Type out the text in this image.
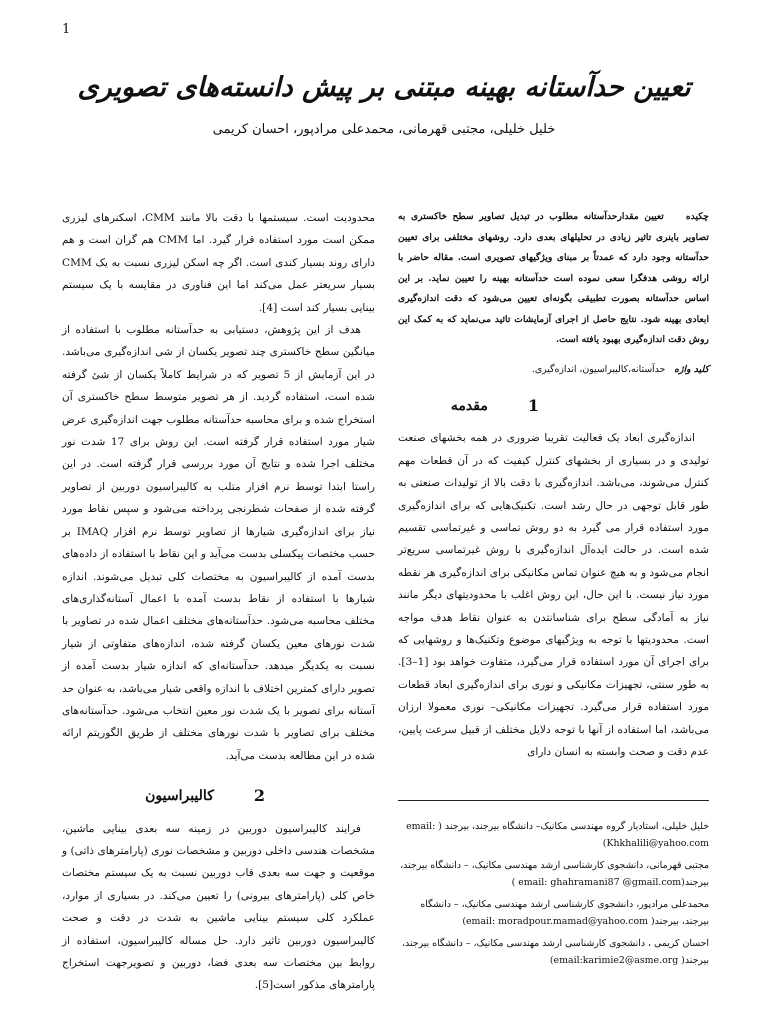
1
تعیین حدآستانه بهینه مبتنی بر پیش دانسته‌های تصویری
خلیل خلیلی، مجتبی قهرمانی، محمدعلی مرادپور، احسان کریمی
چکیده    تعیین مقدارحدآستانه مطلوب در تبدیل تصاویر سطح خاکستری به تصاویر باینری تاثیر زیادی در تحلیلهای بعدی دارد. روشهای مختلفی برای تعیین حدآستانه وجود دارد که عمدتاً بر مبنای ویژگیهای تصویری است. مقاله حاضر با ارائه روشی هدفگرا سعی نموده است حدآستانه بهینه را تعیین نماید. بر این اساس حدآستانه بصورت تطبیقی بگونه‌ای تعیین می‌شود که دقت اندازه‌گیری ابعادی بهینه شود. نتایج حاصل از اجرای آزمایشات تائید می‌نماید که به کمک این روش دقت اندازه‌گیری بهبود یافته است.
کلید واژه   حدآستانه،کالیبراسیون، اندازه‌گیری.
1
مقدمه

اندازه‌گیری ابعاد یک فعالیت تقریبا ضروری در همه بخشهای صنعت تولیدی و در بسیاری از بخشهای کنترل کیفیت که در آن قطعات مهم کنترل می‌شوند، می‌باشد. اندازه‌گیری با دقت بالا از تولیدات صنعتی به طور قابل توجهی در حال رشد است. تکنیک‌هایی که برای اندازه‌گیری مورد استفاده قرار می گیرد به دو روش تماسی و غیرتماسی تقسیم شده است. در حالت ایده‌آل اندازه‌گیری با روش غیرتماسی سریع‌تر انجام می‌شود و به هیچ عنوان تماس مکانیکی برای اندازه‌گیری هر نقطه مورد نیاز نیست. با این حال، این روش اغلب با محدودیتهای دیگر مانند نیاز به آمادگی سطح برای شناسانتدن به عنوان نقاط هدف مواجه است. محدودیتها با توجه به ویژگیهای موضوع وتکنیک‌ها و روشهایی که برای اجرای آن مورد استفاده قرار می‌گیرد، متفاوت خواهد بود [1–3]. به طور سنتی، تجهیزات مکانیکی و نوری برای اندازه‌گیری ابعاد قطعات مورد استفاده قرار می‌گیرد. تجهیزات مکانیکی– نوری معمولا ارزان می‌باشد، اما استفاده از آنها با توجه دلایل مختلف از قبیل سرعت پایین، عدم دقت و صحت وابسته به انسان دارای

محدودیت است. سیستمها با دقت بالا مانند CMM، اسکنرهای لیزری ممکن است مورد استفاده قرار گیرد. اما CMM هم گران است و هم دارای روند بسیار کندی است. اگر چه اسکن لیزری نسبت به یک CMM بسیار سریعتر عمل می‌کند اما این فناوری در مقایسه با یک سیستم بینایی بسیار کند است [4].

هدف از این پژوهش، دستیابی به حدآستانه مطلوب با استفاده از میانگین سطح خاکستری چند تصویر یکسان از شی اندازه‌گیری می‌باشد. در این آزمایش از 5 تصویر که در شرایط کاملاً یکسان از شئ گرفته شده است، استفاده گردید. از هر تصویر متوسط سطح خاکستری آن استخراج شده و برای محاسبه حدآستانه مطلوب جهت اندازه‌گیری عرض شیار مورد استفاده قرار گرفته است. این روش برای 17 شدت نور مختلف اجرا شده و نتایج آن مورد بررسی قرار گرفته است. در این راستا ابتدا توسط نرم افزار متلب به کالیبراسیون دوربین از تصاویر گرفته شده از صفحات شطرنجی پرداخته می‌شود و سپس نقاط مورد نیاز برای اندازه‌گیری شیارها از تصاویر توسط نرم افزار IMAQ بر حسب مختصات پیکسلی بدست می‌آید و این نقاط با استفاده از داده‌های بدست آمده از کالیبراسیون به مختصات کلی تبدیل می‌شوند. اندازه شیارها با استفاده از نقاط بدست آمده با اعمال آستانه‌گذاری‌های مختلف محاسبه می‌شود. حدآستانه‌های مختلف اعمال شده در تصاویر با شدت نورهای معین یکسان گرفته شده، اندازه‌های متفاوتی از شیار نسبت به یکدیگر میدهد. حدآستانه‌ای که اندازه شیار بدست آمده از تصویر دارای کمترین اختلاف با اندازه واقعی شیار می‌باشد، به عنوان حد آستانه برای تصویر با یک شدت نور معین انتخاب می‌شود. حدآستانه‌های مختلف برای تصاویر با شدت نورهای مختلف از طریق الگوریتم ارائه شده در این مطالعه بدست می‌آید.

2
کالیبراسیون

فرایند کالیبراسیون دوربین در زمینه سه بعدی بینایی ماشین، مشخصات هندسی داخلی دوربین و مشخصات نوری (پارامترهای ذاتی) و موقعیت و جهت سه بعدی قاب دوربین نسبت به یک سیستم مختصات خاص کلی (پارامترهای بیرونی) را تعیین می‌کند. در بسیاری از موارد، عملکرد کلی سیستم بینایی ماشین به شدت در دقت و صحت کالیبراسیون دوربین تاثیر دارد. حل مساله کالیبراسیون، استفاده از روابط بین مختصات سه بعدی فضا، دوربین و تصویرجهت استخراج پارامترهای مذکور است[5].

خلیل خلیلی، استادیار گروه مهندسی مکانیک– دانشگاه بیرجند، بیرجند ( email: Khkhalili@yahoo.com)
مجتبی قهرمانی، دانشجوی کارشناسی ارشد مهندسی مکانیک، – دانشگاه بیرجند، بیرجند(email: ghahramani87 @gmail.com )
محمدعلی مرادپور، دانشجوی کارشناسی ارشد مهندسی مکانیک، – دانشگاه بیرجند، بیرجند( email: moradpour.mamad@yahoo.com)
احسان کریمی ، دانشجوی کارشناسی ارشد مهندسی مکانیک، – دانشگاه بیرجند، بیرجند( email:karimie2@asme.org)
